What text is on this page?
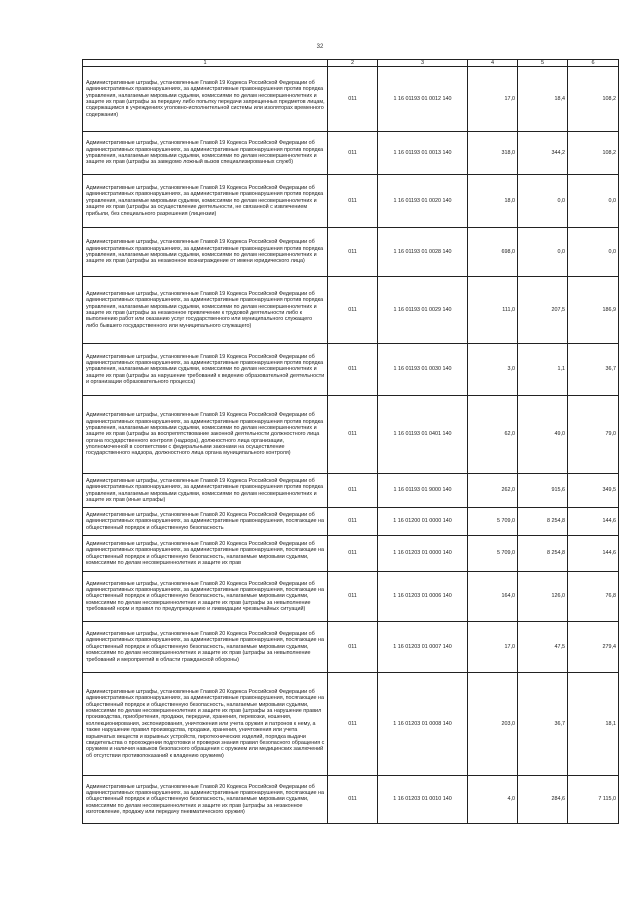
32
1	2	3	4	5	6
Административные штрафы, установленные Главой 19 Кодекса Российской Федерации об административных правонарушениях, за административные правонарушения против порядка управления, налагаемые мировыми судьями, комиссиями по делам несовершеннолетних и защите их прав (штрафы за передачу либо попытку передачи запрещенных предметов лицам, содержащимся в учреждениях уголовно-исполнительной системы или изоляторах временного содержания)	011	1 16 01193 01 0012 140	17,0	18,4	108,2
Административные штрафы, установленные Главой 19 Кодекса Российской Федерации об административных правонарушениях, за административные правонарушения против порядка управления, налагаемые мировыми судьями, комиссиями по делам несовершеннолетних и защите их прав (штрафы за заведомо ложный вызов специализированных служб)	011	1 16 01193 01 0013 140	318,0	344,2	108,2
Административные штрафы, установленные Главой 19 Кодекса Российской Федерации об административных правонарушениях, за административные правонарушения против порядка управления, налагаемые мировыми судьями, комиссиями по делам несовершеннолетних и защите их прав (штрафы за осуществление деятельности, не связанной с извлечением прибыли, без специального разрешения (лицензии)	011	1 16 01193 01 0020 140	18,0	0,0	0,0
Административные штрафы, установленные Главой 19 Кодекса Российской Федерации об административных правонарушениях, за административные правонарушения против порядка управления, налагаемые мировыми судьями, комиссиями по делам несовершеннолетних и защите их прав (штрафы за незаконное вознаграждение от имени юридического лица)	011	1 16 01193 01 0028 140	698,0	0,0	0,0
Административные штрафы, установленные Главой 19 Кодекса Российской Федерации об административных правонарушениях, за административные правонарушения против порядка управления, налагаемые мировыми судьями, комиссиями по делам несовершеннолетних и защите их прав (штрафы за незаконное привлечение к трудовой деятельности либо к выполнению работ или оказанию услуг государственного или муниципального служащего либо бывшего государственного или муниципального служащего)	011	1 16 01193 01 0029 140	111,0	207,5	186,9
Административные штрафы, установленные Главой 19 Кодекса Российской Федерации об административных правонарушениях, за административные правонарушения против порядка управления, налагаемые мировыми судьями, комиссиями по делам несовершеннолетних и защите их прав (штрафы за нарушение требований к ведению образовательной деятельности и организации образовательного процесса)	011	1 16 01193 01 0030 140	3,0	1,1	36,7
Административные штрафы, установленные Главой 19 Кодекса Российской Федерации об административных правонарушениях, за административные правонарушения против порядка управления, налагаемые мировыми судьями, комиссиями по делам несовершеннолетних и защите их прав (штрафы за воспрепятствование законной деятельности должностного лица органа государственного контроля (надзора), должностного лица организации, уполномоченной в соответствии с федеральными законами на осуществление государственного надзора, должностного лица органа муниципального контроля)	011	1 16 01193 01 0401 140	62,0	49,0	79,0
Административные штрафы, установленные Главой 19 Кодекса Российской Федерации об административных правонарушениях, за административные правонарушения против порядка управления, налагаемые мировыми судьями, комиссиями по делам несовершеннолетних и защите их прав (иные штрафы)	011	1 16 01193 01 9000 140	262,0	915,6	349,5
Административные штрафы, установленные Главой 20 Кодекса Российской Федерации об административных правонарушениях, за административные правонарушения, посягающие на общественный порядок и общественную безопасность	011	1 16 01200 01 0000 140	5 709,0	8 254,8	144,6
Административные штрафы, установленные Главой 20 Кодекса Российской Федерации об административных правонарушениях, за административные правонарушения, посягающие на общественный порядок и общественную безопасность, налагаемые мировыми судьями, комиссиями по делам несовершеннолетних и защите их прав	011	1 16 01203 01 0000 140	5 709,0	8 254,8	144,6
Административные штрафы, установленные Главой 20 Кодекса Российской Федерации об административных правонарушениях, за административные правонарушения, посягающие на общественный порядок и общественную безопасность, налагаемые мировыми судьями, комиссиями по делам несовершеннолетних и защите их прав (штрафы за невыполнение требований норм и правил по предупреждению и ликвидации чрезвычайных ситуаций)	011	1 16 01203 01 0006 140	164,0	126,0	76,8
Административные штрафы, установленные Главой 20 Кодекса Российской Федерации об административных правонарушениях, за административные правонарушения, посягающие на общественный порядок и общественную безопасность, налагаемые мировыми судьями, комиссиями по делам несовершеннолетних и защите их прав (штрафы за невыполнение требований и мероприятий в области гражданской обороны)	011	1 16 01203 01 0007 140	17,0	47,5	279,4
Административные штрафы, установленные Главой 20 Кодекса Российской Федерации об административных правонарушениях, за административные правонарушения, посягающие на общественный порядок и общественную безопасность, налагаемые мировыми судьями, комиссиями по делам несовершеннолетних и защите их прав (штрафы за нарушение правил производства, приобретения, продажи, передачи, хранения, перевозки, ношения, коллекционирования, экспонирования, уничтожения или учета оружия и патронов к нему, а также нарушение правил производства, продажи, хранения, уничтожения или учета взрывчатых веществ и взрывных устройств, пиротехнических изделий, порядка выдачи свидетельства о прохождении подготовки и проверки знания правил безопасного обращения с оружием и наличия навыков безопасного обращения с оружием или медицинских заключений об отсутствии противопоказаний к владению оружием)	011	1 16 01203 01 0008 140	203,0	36,7	18,1
Административные штрафы, установленные Главой 20 Кодекса Российской Федерации об административных правонарушениях, за административные правонарушения, посягающие на общественный порядок и общественную безопасность, налагаемые мировыми судьями, комиссиями по делам несовершеннолетних и защите их прав (штрафы за незаконное изготовление, продажу или передачу пневматического оружия)	011	1 16 01203 01 0010 140	4,0	284,6	7 115,0
